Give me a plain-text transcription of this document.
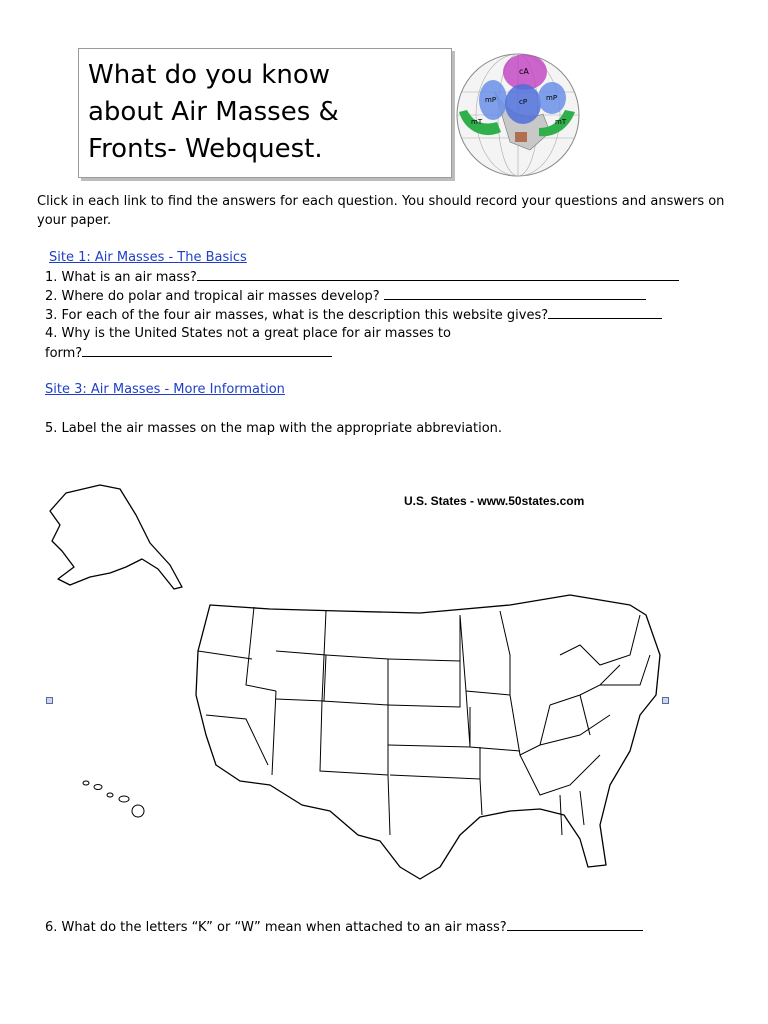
What do you know
about Air Masses &
Fronts- Webquest.
cA
mP	cP	mP
mT	mT
Click in each link to find the answers for each question. You should record your questions and answers on your paper.
Site 1: Air Masses - The Basics
1. What is an air mass?
2. Where do polar and tropical air masses develop?
3. For each of the four air masses, what is the description this website gives?
4. Why is the United States not a great place for air masses to
form?
Site 3: Air Masses - More Information
5. Label the air masses on the map with the appropriate abbreviation.
U.S. States - www.50states.com
6. What do the letters “K” or “W” mean when attached to an air mass?
